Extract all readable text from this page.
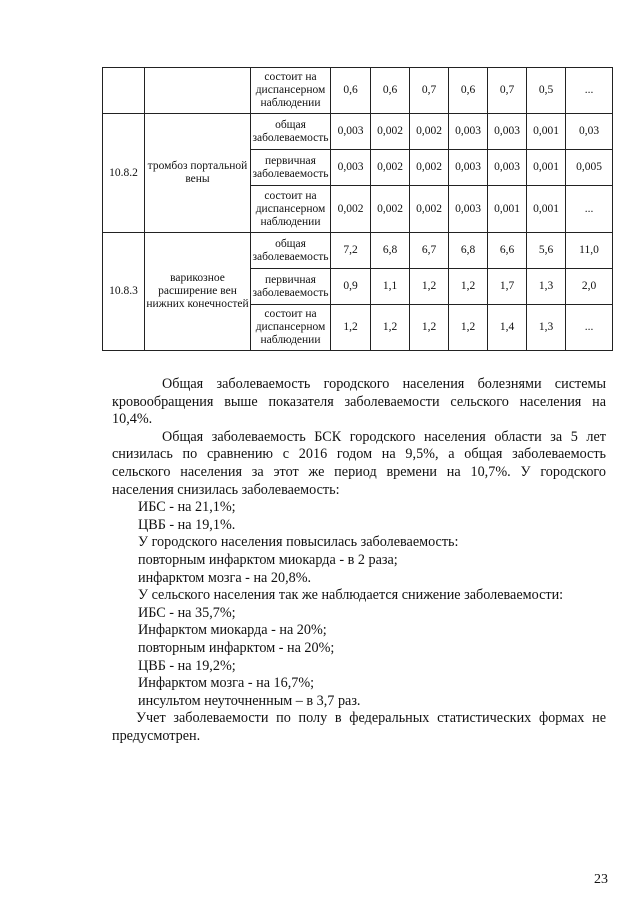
		состоит на диспансерном наблюдении	0,6	0,6	0,7	0,6	0,7	0,5	...
10.8.2	тромбоз портальной вены	общая заболеваемость	0,003	0,002	0,002	0,003	0,003	0,001	0,03
		первичная заболеваемость	0,003	0,002	0,002	0,003	0,003	0,001	0,005
		состоит на диспансерном наблюдении	0,002	0,002	0,002	0,003	0,001	0,001	...
10.8.3	варикозное расширение вен нижних конечностей	общая заболеваемость	7,2	6,8	6,7	6,8	6,6	5,6	11,0
		первичная заболеваемость	0,9	1,1	1,2	1,2	1,7	1,3	2,0
		состоит на диспансерном наблюдении	1,2	1,2	1,2	1,2	1,4	1,3	...

Общая заболеваемость городского населения болезнями системы кровообращения выше показателя заболеваемости сельского населения на 10,4%.

Общая заболеваемость БСК городского населения области за 5 лет снизилась по сравнению с 2016 годом на 9,5%, а общая заболеваемость сельского населения за этот же период времени на 10,7%. У городского населения снизилась заболеваемость:

ИБС - на 21,1%;

ЦВБ - на 19,1%.

У городского населения повысилась заболеваемость:

повторным инфарктом миокарда - в 2 раза;

инфарктом мозга - на 20,8%.

У сельского населения так же наблюдается снижение заболеваемости:

ИБС - на 35,7%;

Инфарктом миокарда - на 20%;

повторным инфарктом - на 20%;

ЦВБ - на 19,2%;

Инфарктом мозга - на 16,7%;

инсультом неуточненным – в 3,7 раз.

Учет заболеваемости по полу в федеральных статистических формах не предусмотрен.

23
